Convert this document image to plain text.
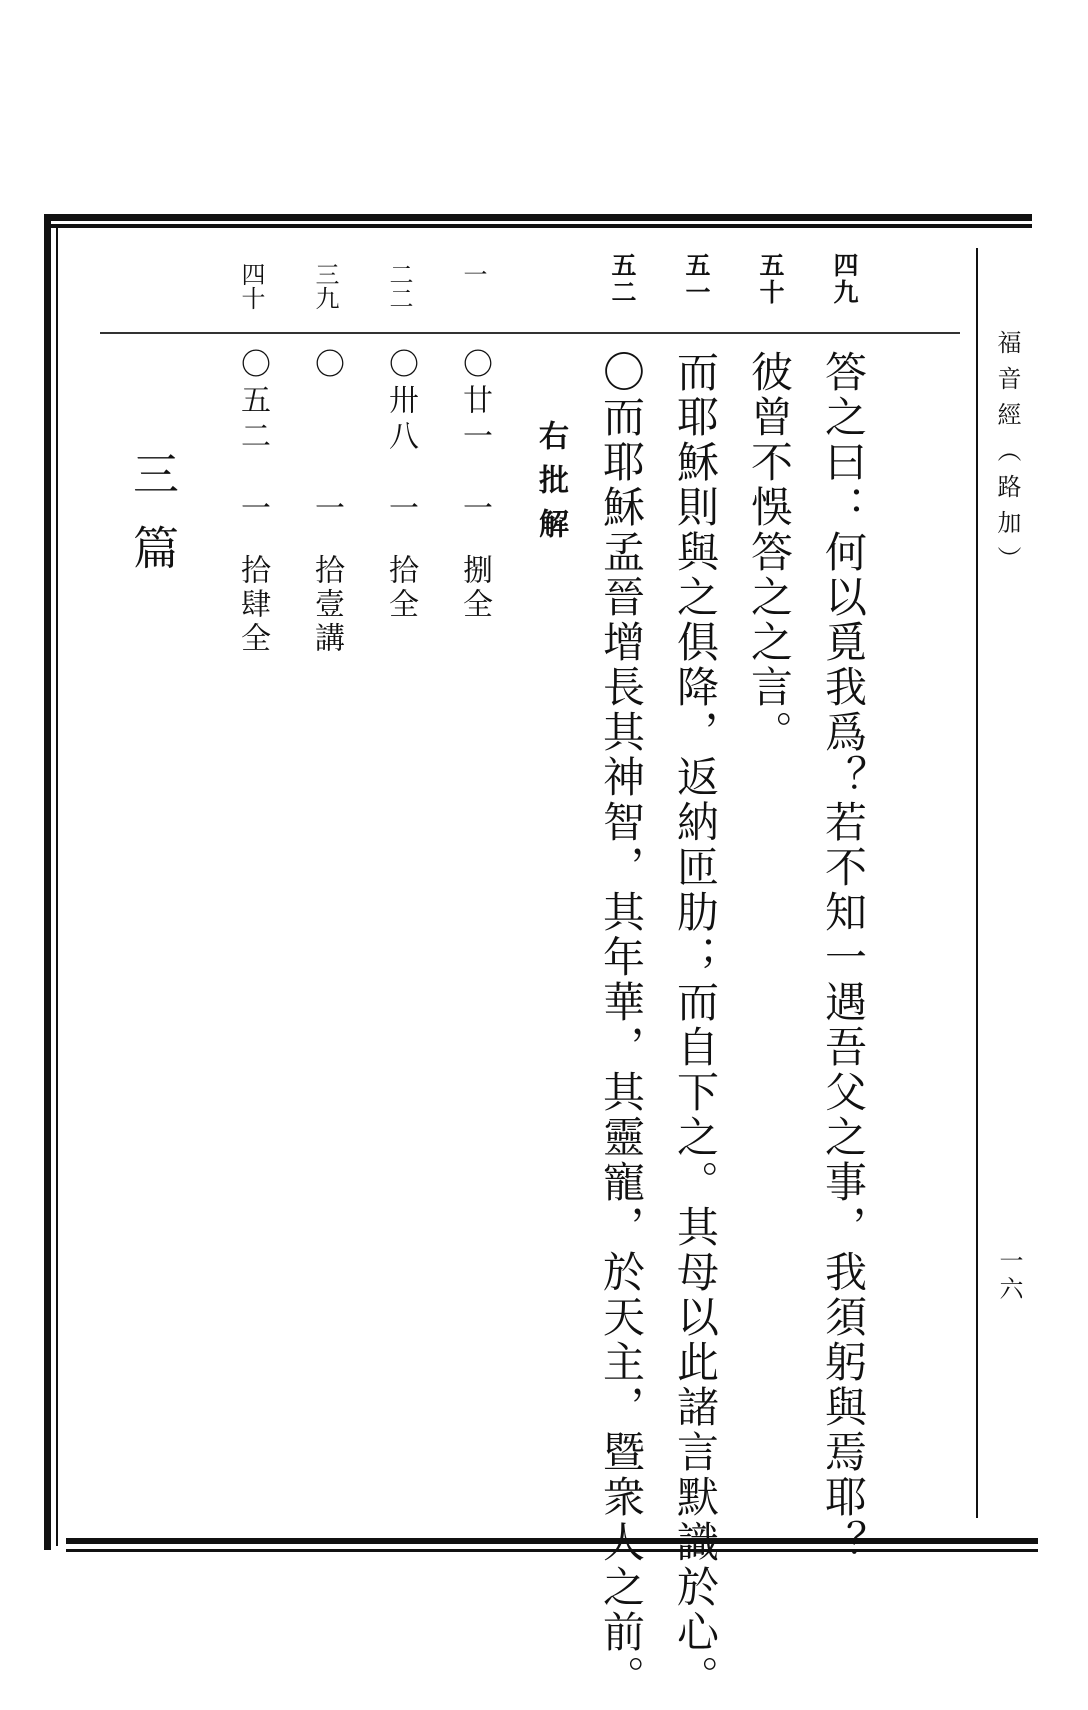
福音經（路加）
一六
四九
答之曰：何以覓我爲？若不知一遇吾父之事，我須躬與焉耶？
五十
彼曾不悞答之之言。
五一
而耶穌則與之俱降，返納匝肋；而自下之。其母以此諸言默識於心。
五二
〇而耶穌孟晉增長其神智，其年華，其靈寵，於天主，暨衆人之前。
右批解
一
〇廿一
一
捌全
二二
〇卅八
一
拾全
三九
〇
一
拾壹講
四十
〇五二
一
拾肆全
三篇
